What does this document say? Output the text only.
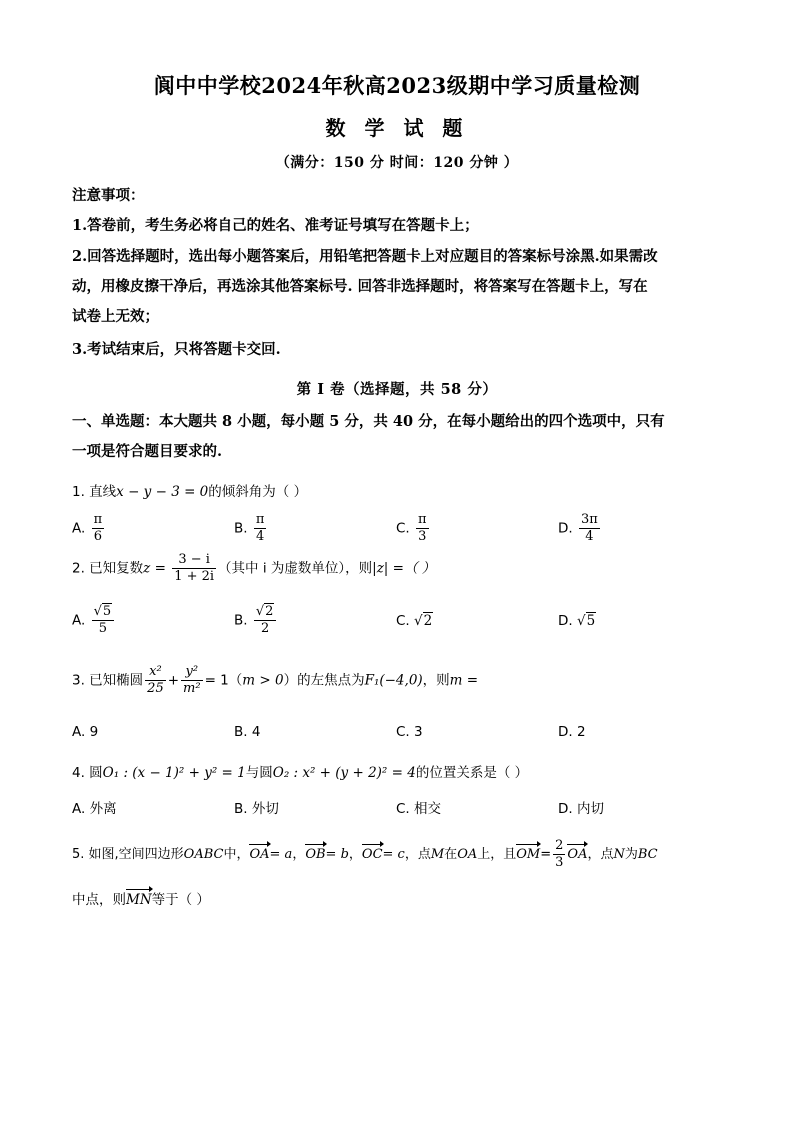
阆中中学校2024年秋高2023级期中学习质量检测
数 学 试 题
（满分：150 分 时间：120 分钟 ）
注意事项：
1.答卷前，考生务必将自己的姓名、准考证号填写在答题卡上；
2.回答选择题时，选出每小题答案后，用铅笔把答题卡上对应题目的答案标号涂黑.如果需改
动，用橡皮擦干净后，再选涂其他答案标号. 回答非选择题时，将答案写在答题卡上，写在
试卷上无效；
3.考试结束后，只将答题卡交回.
第 I 卷（选择题，共 58 分）
一、单选题：本大题共 8 小题，每小题 5 分，共 40 分，在每小题给出的四个选项中，只有
一项是符合题目要求的.
1. 直线x − y − 3 = 0的倾斜角为（ ）
A. $\frac{\pi}{6}$	B. $\frac{\pi}{4}$	C. $\frac{\pi}{3}$	D. $\frac{3\pi}{4}$
2. 已知复数$z = \frac{3 - i}{1 + 2i}$ （其中 i 为虚数单位），则|z| =（ ）
A. $\frac{√5}{5}$	B. $\frac{√2}{2}$	C. √2	D. √5
3. 已知椭圆 $\frac{\text{x²}}{25} + \frac{\text{y²}}{\text{m²}} = 1(m > 0)$的左焦点为F₁(−4,0)，则m =
A. 9	B. 4	C. 3	D. 2
4. 圆O₁ : (x − 1)² + y² = 1与圆O₂ : x² + (y + 2)² = 4的位置关系是（ ）
A. 外离	B. 外切	C. 相交	D. 内切
5. 如图,空间四边形OABC中，OA= a，OB= b，OC= c，点M在OA上，且$OM= \frac{2}{3}$ OA，点N为BC
中点，则MN等于（ ）
